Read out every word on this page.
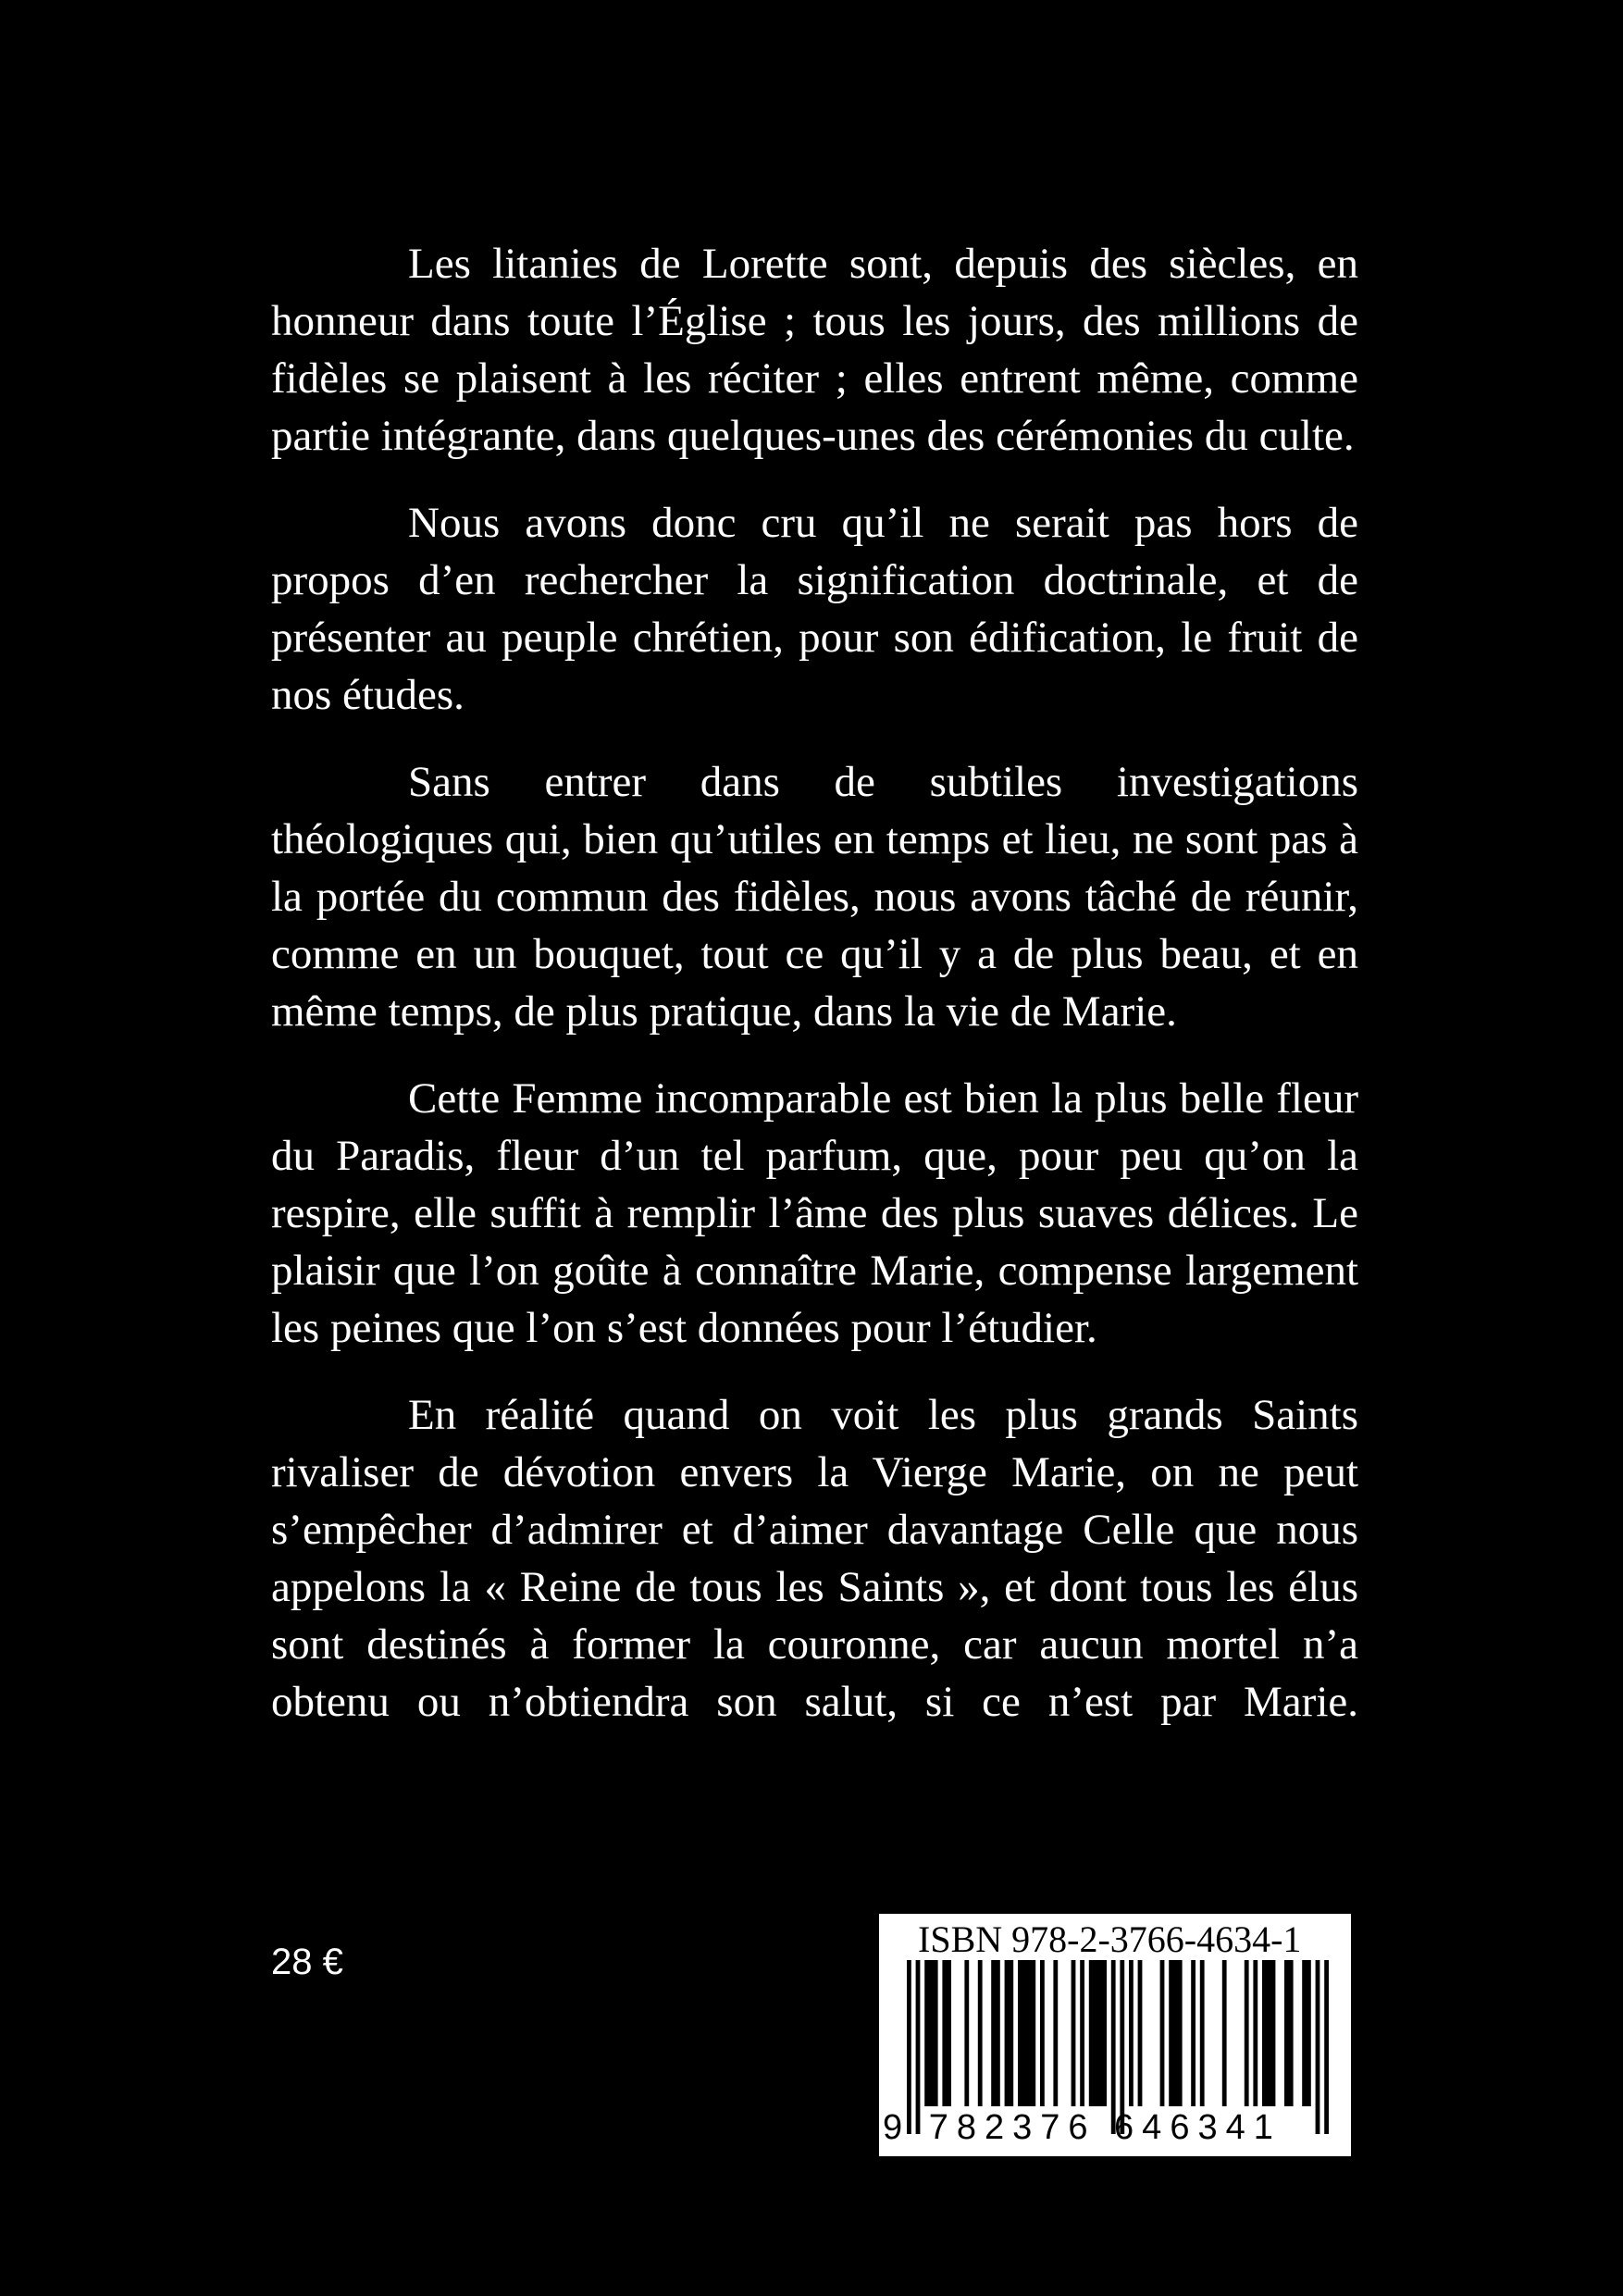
Les litanies de Lorette sont, depuis des siècles, en honneur dans toute l’Église ; tous les jours, des millions de fidèles se plaisent à les réciter ; elles entrent même, comme partie intégrante, dans quelques-unes des cérémonies du culte.

Nous avons donc cru qu’il ne serait pas hors de propos d’en rechercher la signification doctrinale, et de présenter au peuple chrétien, pour son édification, le fruit de nos études.

Sans entrer dans de subtiles investigations théologiques qui, bien qu’utiles en temps et lieu, ne sont pas à la portée du commun des fidèles, nous avons tâché de réunir, comme en un bouquet, tout ce qu’il y a de plus beau, et en même temps, de plus pratique, dans la vie de Marie.

Cette Femme incomparable est bien la plus belle fleur du Paradis, fleur d’un tel parfum, que, pour peu qu’on la respire, elle suffit à remplir l’âme des plus suaves délices. Le plaisir que l’on goûte à connaître Marie, compense largement les peines que l’on s’est données pour l’étudier.

En réalité quand on voit les plus grands Saints rivaliser de dévotion envers la Vierge Marie, on ne peut s’empêcher d’admirer et d’aimer davantage Celle que nous appelons la « Reine de tous les Saints », et dont tous les élus sont destinés à former la couronne, car aucun mortel n’a obtenu ou n’obtiendra son salut, si ce n’est par Marie.

28 €
ISBN 978-2-3766-4634-1
9 782376 646341
